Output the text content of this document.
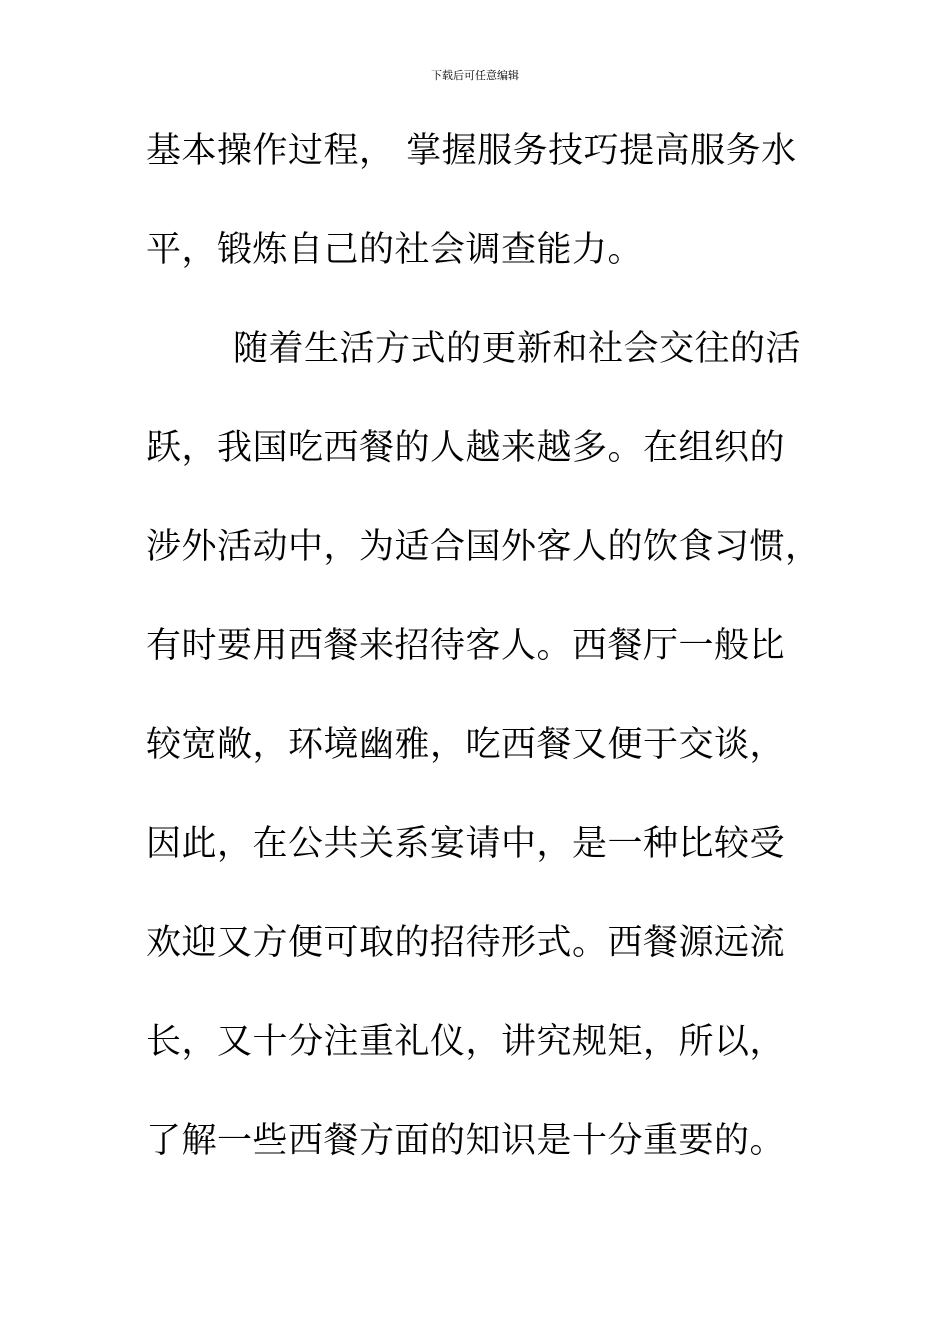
下载后可任意编辑
基本操作过程， 掌握服务技巧提高服务水
平，锻炼自己的社会调查能力。
随着生活方式的更新和社会交往的活
跃，我国吃西餐的人越来越多。在组织的
涉外活动中，为适合国外客人的饮食习惯，
有时要用西餐来招待客人。西餐厅一般比
较宽敞，环境幽雅，吃西餐又便于交谈，
因此，在公共关系宴请中，是一种比较受
欢迎又方便可取的招待形式。西餐源远流
长，又十分注重礼仪，讲究规矩，所以，
了解一些西餐方面的知识是十分重要的。
